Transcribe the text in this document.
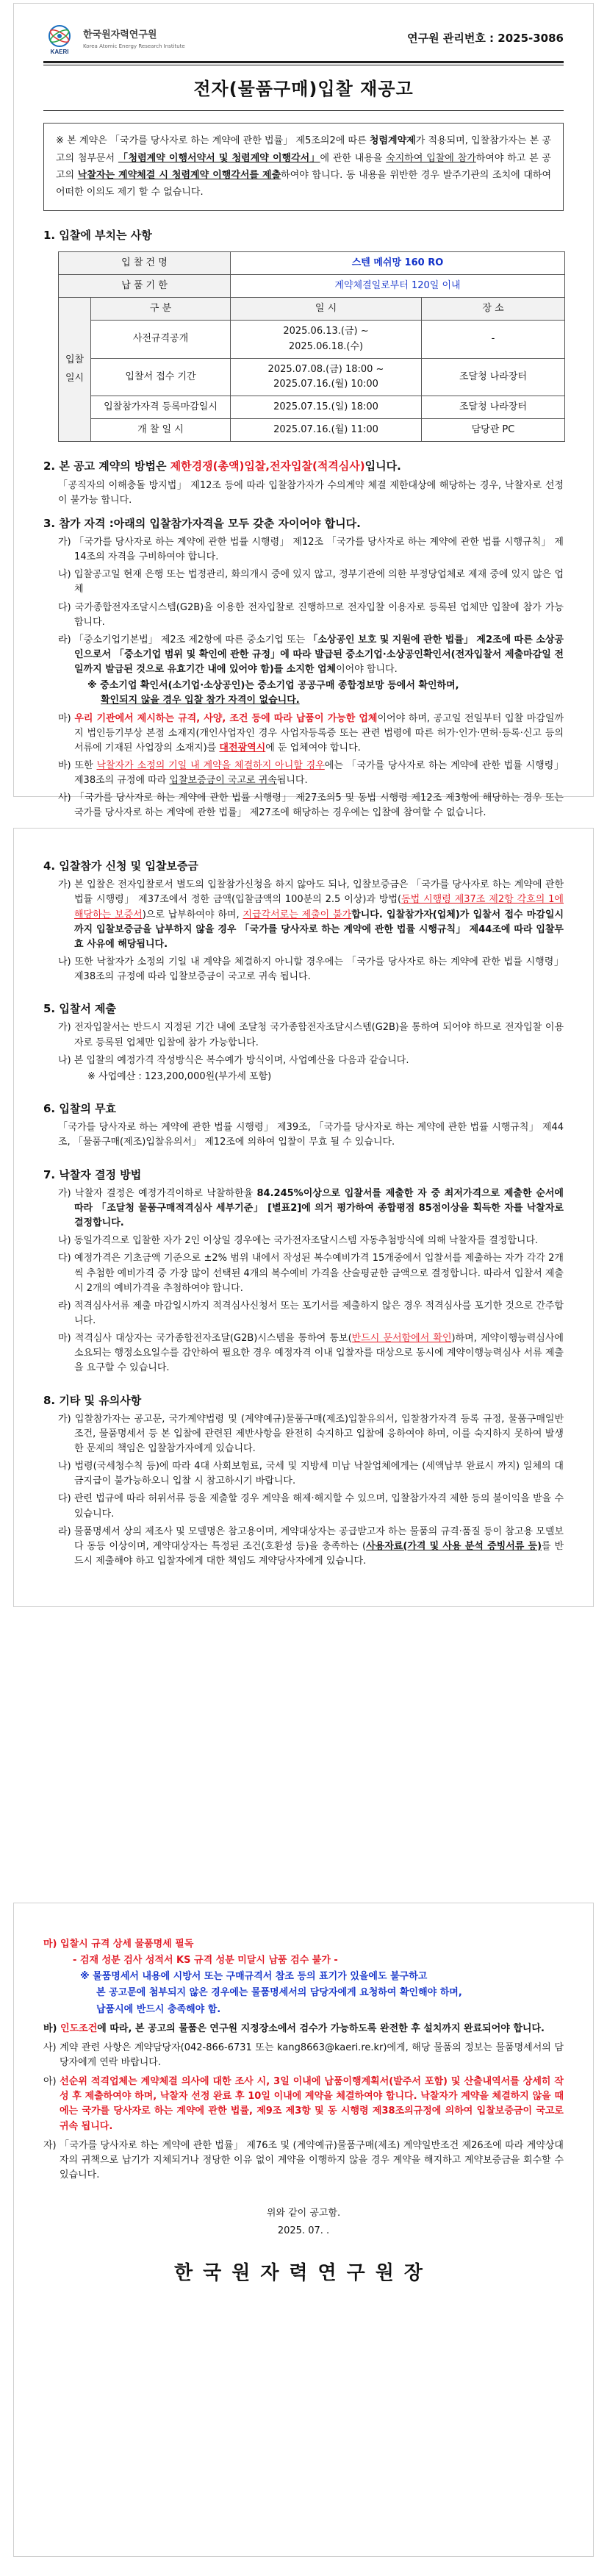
KAERI
한국원자력연구원
Korea Atomic Energy Research Institute
연구원 관리번호 : 2025-3086
전자(물품구매)입찰 재공고
※ 본 계약은 「국가를 당사자로 하는 계약에 관한 법률」 제5조의2에 따른 청렴계약제가 적용되며, 입찰참가자는 본 공고의 첨부문서 「청렴계약 이행서약서 및 청렴계약 이행각서」에 관한 내용을 숙지하여 입찰에 참가하여야 하고 본 공고의 낙찰자는 계약체결 시 청렴계약 이행각서를 제출하여야 합니다. 동 내용을 위반한 경우 발주기관의 조치에 대하여 어떠한 이의도 제기 할 수 없습니다.
1. 입찰에 부치는 사항
입 찰 건 명		스텐 메쉬망 160 RO	
납 품 기 한		계약체결일로부터 120일 이내	
입찰일시	구 분	일 시	장 소
	사전규격공개	2025.06.13.(금) ~
2025.06.18.(수)	-
	입찰서 접수 기간	2025.07.08.(금) 18:00 ~
2025.07.16.(월) 10:00	조달청 나라장터
	입찰참가자격 등록마감일시	2025.07.15.(일) 18:00	조달청 나라장터
	개 찰 일 시	2025.07.16.(월) 11:00	담당관 PC
2. 본 공고 계약의 방법은 제한경쟁(총액)입찰,전자입찰(적격심사)입니다.
「공직자의 이해충돌 방지법」 제12조 등에 따라 입찰참가자가 수의계약 체결 제한대상에 해당하는 경우, 낙찰자로 선정이 불가능 합니다.
3. 참가 자격 :아래의 입찰참가자격을 모두 갖춘 자이어야 합니다.
가) 「국가를 당사자로 하는 계약에 관한 법률 시행령」 제12조 「국가를 당사자로 하는 계약에 관한 법률 시행규칙」 제14조의 자격을 구비하여야 합니다.
나) 입찰공고일 현재 은행 또는 법정관리, 화의개시 중에 있지 않고, 정부기관에 의한 부정당업체로 제재 중에 있지 않은 업체
다) 국가종합전자조달시스템(G2B)을 이용한 전자입찰로 진행하므로 전자입찰 이용자로 등록된 업체만 입찰에 참가 가능합니다.
라) 「중소기업기본법」 제2조 제2항에 따른 중소기업 또는 「소상공인 보호 및 지원에 관한 법률」 제2조에 따른 소상공인으로서 「중소기업 범위 및 확인에 관한 규정」에 따라 발급된 중소기업·소상공인확인서(전자입찰서 제출마감일 전일까지 발급된 것으로 유효기간 내에 있어야 함)를 소지한 업체이어야 합니다.
※ 중소기업 확인서(소기업·소상공인)는 중소기업 공공구매 종합정보망 등에서 확인하며,
확인되지 않을 경우 입찰 참가 자격이 없습니다.
마) 우리 기관에서 제시하는 규격, 사양, 조건 등에 따라 납품이 가능한 업체이어야 하며, 공고일 전일부터 입찰 마감일까지 법인등기부상 본점 소재지(개인사업자인 경우 사업자등록증 또는 관련 법령에 따른 허가·인가·면허·등록·신고 등의 서류에 기재된 사업장의 소재지)를 대전광역시에 둔 업체여야 합니다.
바) 또한 낙찰자가 소정의 기일 내 계약을 체결하지 아니할 경우에는 「국가를 당사자로 하는 계약에 관한 법률 시행령」 제38조의 규정에 따라 입찰보증금이 국고로 귀속됩니다.
사) 「국가를 당사자로 하는 계약에 관한 법률 시행령」 제27조의5 및 동법 시행령 제12조 제3항에 해당하는 경우 또는 국가를 당사자로 하는 계약에 관한 법률」 제27조에 해당하는 경우에는 입찰에 참여할 수 없습니다.
4. 입찰참가 신청 및 입찰보증금
가) 본 입찰은 전자입찰로서 별도의 입찰참가신청을 하지 않아도 되나, 입찰보증금은 「국가를 당사자로 하는 계약에 관한 법률 시행령」 제37조에서 정한 금액(입찰금액의 100분의 2.5 이상)과 방법(동법 시행령 제37조 제2항 각호의 1에 해당하는 보증서)으로 납부하여야 하며, 지급각서로는 제출이 불가합니다. 입찰참가자(업체)가 입찰서 접수 마감일시까지 입찰보증금을 납부하지 않을 경우 「국가를 당사자로 하는 계약에 관한 법률 시행규칙」 제44조에 따라 입찰무효 사유에 해당됩니다.
나) 또한 낙찰자가 소정의 기일 내 계약을 체결하지 아니할 경우에는 「국가를 당사자로 하는 계약에 관한 법률 시행령」 제38조의 규정에 따라 입찰보증금이 국고로 귀속 됩니다.
5. 입찰서 제출
가) 전자입찰서는 반드시 지정된 기간 내에 조달청 국가종합전자조달시스템(G2B)을 통하여 되어야 하므로 전자입찰 이용자로 등록된 업체만 입찰에 참가 가능합니다.
나) 본 입찰의 예정가격 작성방식은 복수예가 방식이며, 사업예산을 다음과 같습니다.
※ 사업예산 : 123,200,000원(부가세 포함)
6. 입찰의 무효
「국가를 당사자로 하는 계약에 관한 법률 시행령」 제39조, 「국가를 당사자로 하는 계약에 관한 법률 시행규칙」 제44조, 「물품구매(제조)입찰유의서」 제12조에 의하여 입찰이 무효 될 수 있습니다.
7. 낙찰자 결정 방법
가) 낙찰자 결정은 예정가격이하로 낙찰하한율 84.245%이상으로 입찰서를 제출한 자 중 최저가격으로 제출한 순서에 따라 「조달청 물품구매적격심사 세부기준」 [별표2]에 의거 평가하여 종합평점 85점이상을 획득한 자를 낙찰자로 결정합니다.
나) 동일가격으로 입찰한 자가 2인 이상일 경우에는 국가전자조달시스템 자동추첨방식에 의해 낙찰자를 결정합니다.
다) 예정가격은 기초금액 기준으로 ±2% 범위 내에서 작성된 복수예비가격 15개중에서 입찰서를 제출하는 자가 각각 2개씩 추첨한 예비가격 중 가장 많이 선택된 4개의 복수예비 가격을 산술평균한 금액으로 결정합니다. 따라서 입찰서 제출 시 2개의 예비가격을 추첨하여야 합니다.
라) 적격심사서류 제출 마감일시까지 적격심사신청서 또는 포기서를 제출하지 않은 경우 적격심사를 포기한 것으로 간주합니다.
마) 적격심사 대상자는 국가종합전자조달(G2B)시스템을 통하여 통보(반드시 문서함에서 확인)하며, 계약이행능력심사에 소요되는 행정소요일수를 감안하여 필요한 경우 예정자격 이내 입찰자를 대상으로 동시에 계약이행능력심사 서류 제출을 요구할 수 있습니다.
8. 기타 및 유의사항
가) 입찰참가자는 공고문, 국가계약법령 및 (계약예규)물품구매(제조)입찰유의서, 입찰참가자격 등록 규정, 물품구매일반조건, 물품명세서 등 본 입찰에 관련된 제반사항을 완전히 숙지하고 입찰에 응하여야 하며, 이를 숙지하지 못하여 발생한 문제의 책임은 입찰참가자에게 있습니다.
나) 법령(국세청수칙 등)에 따라 4대 사회보험료, 국세 및 지방세 미납 낙찰업체에게는 (세액납부 완료시 까지) 일체의 대금지급이 불가능하오니 입찰 시 참고하시기 바랍니다.
다) 관련 법규에 따라 허위서류 등을 제출할 경우 계약을 해제·해지할 수 있으며, 입찰참가자격 제한 등의 불이익을 받을 수 있습니다.
라) 물품명세서 상의 제조사 및 모델명은 참고용이며, 계약대상자는 공급받고자 하는 물품의 규격·품질 등이 참고용 모델보다 동등 이상이며, 계약대상자는 특정된 조건(호환성 등)을 충족하는 (사용자료(가격 및 사용 분석 증빙서류 등)를 반드시 제출해야 하고 입찰자에게 대한 책임도 계약당사자에게 있습니다.
마) 입찰시 규격 상세 물품명세 필독
- 검재 성분 검사 성적서 KS 규격 성분 미달시 납품 검수 불가 -
※ 물품명세서 내용에 시방서 또는 구매규격서 참조 등의 표기가 있을에도 불구하고
본 공고문에 첨부되지 않은 경우에는 물품명세서의 담당자에게 요청하여 확인해야 하며,
납품시에 반드시 충족해야 함.
바) 인도조건에 따라, 본 공고의 물품은 연구원 지정장소에서 검수가 가능하도록 완전한 후 설치까지 완료되어야 합니다.
사) 계약 관련 사항은 계약담당자(042-866-6731 또는 kang8663@kaeri.re.kr)에게, 해당 물품의 정보는 물품명세서의 담당자에게 연락 바랍니다.
아) 선순위 적격업체는 계약체결 의사에 대한 조사 시, 3일 이내에 납품이행계획서(발주서 포함) 및 산출내역서를 상세히 작성 후 제출하여야 하며, 낙찰자 선정 완료 후 10일 이내에 계약을 체결하여야 합니다. 낙찰자가 계약을 체결하지 않을 때에는 국가를 당사자로 하는 계약에 관한 법률, 제9조 제3항 및 동 시행령 제38조의규정에 의하여 입찰보증금이 국고로 귀속 됩니다.
자) 「국가를 당사자로 하는 계약에 관한 법률」 제76조 및 (계약예규)물품구매(제조) 계약일반조건 제26조에 따라 계약상대자의 귀책으로 납기가 지체되거나 정당한 이유 없이 계약을 이행하지 않을 경우 계약을 해지하고 계약보증금을 회수할 수 있습니다.
위와 같이 공고함.
2025. 07. .
한국원자력연구원장
